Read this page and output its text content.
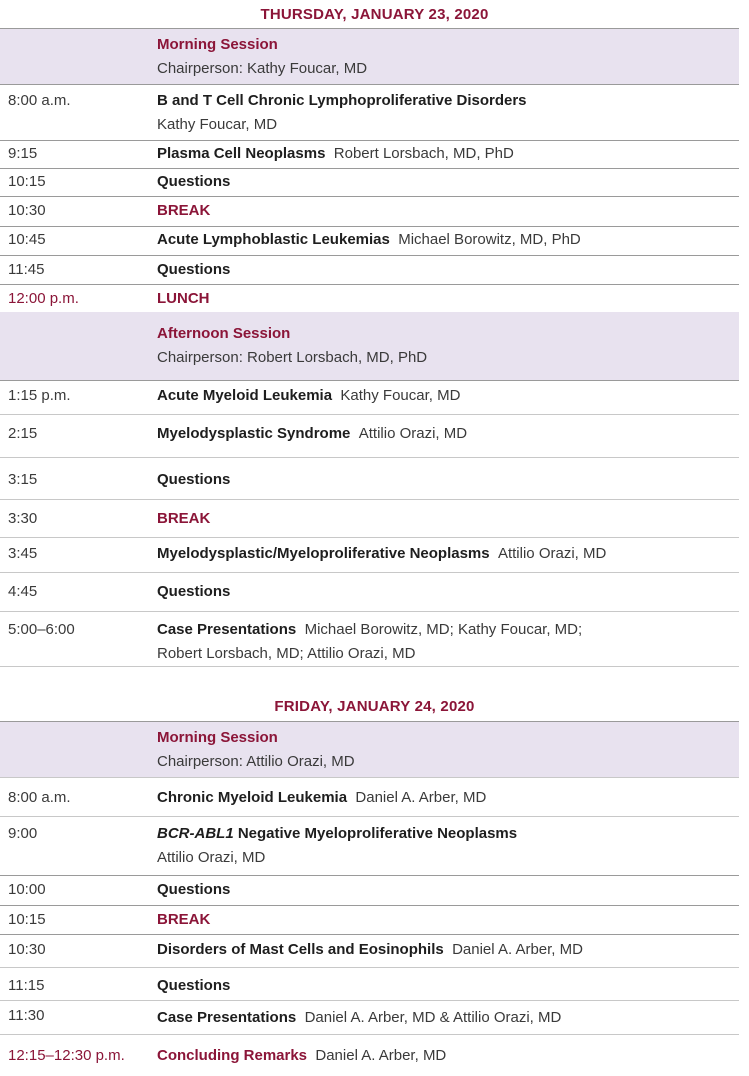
THURSDAY, JANUARY 23, 2020
Morning Session
Chairperson: Kathy Foucar, MD
8:00 a.m.	B and T Cell Chronic Lymphoproliferative Disorders
Kathy Foucar, MD
9:15	Plasma Cell Neoplasms Robert Lorsbach, MD, PhD
10:15	Questions
10:30	BREAK
10:45	Acute Lymphoblastic Leukemias Michael Borowitz, MD, PhD
11:45	Questions
12:00 p.m.	LUNCH
Afternoon Session
Chairperson: Robert Lorsbach, MD, PhD
1:15 p.m.	Acute Myeloid Leukemia Kathy Foucar, MD
2:15	Myelodysplastic Syndrome Attilio Orazi, MD
3:15	Questions
3:30	BREAK
3:45	Myelodysplastic/Myeloproliferative Neoplasms Attilio Orazi, MD
4:45	Questions
5:00–6:00	Case Presentations Michael Borowitz, MD; Kathy Foucar, MD;
Robert Lorsbach, MD; Attilio Orazi, MD
FRIDAY, JANUARY 24, 2020
Morning Session
Chairperson: Attilio Orazi, MD
8:00 a.m.	Chronic Myeloid Leukemia Daniel A. Arber, MD
9:00	BCR-ABL1 Negative Myeloproliferative Neoplasms
Attilio Orazi, MD
10:00	Questions
10:15	BREAK
10:30	Disorders of Mast Cells and Eosinophils Daniel A. Arber, MD
11:15	Questions
11:30	Case Presentations Daniel A. Arber, MD & Attilio Orazi, MD
12:15–12:30 p.m. Concluding Remarks Daniel A. Arber, MD
